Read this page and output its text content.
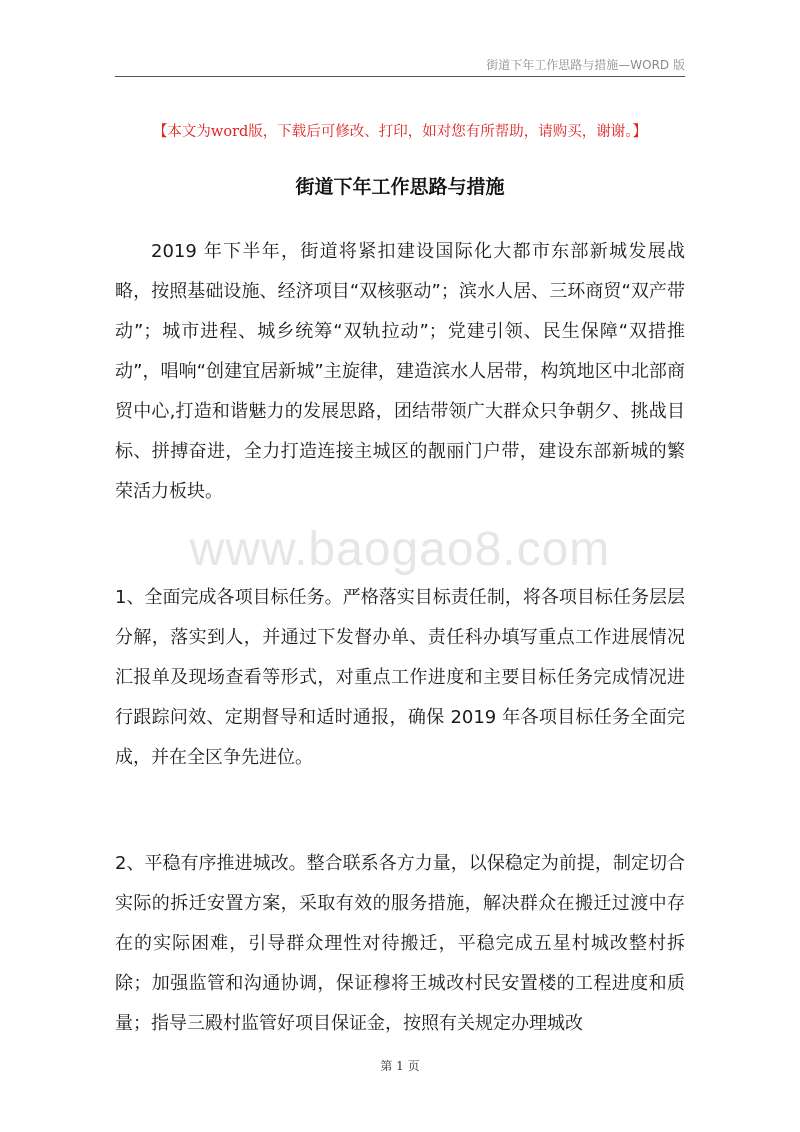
街道下年工作思路与措施—WORD 版
【本文为word版，下载后可修改、打印，如对您有所帮助，请购买，谢谢。】
街道下年工作思路与措施
www.baogao8.com

2019 年下半年，街道将紧扣建设国际化大都市东部新城发展战略，按照基础设施、经济项目“双核驱动”；滨水人居、三环商贸“双产带动”；城市进程、城乡统筹“双轨拉动”；党建引领、民生保障“双措推动”，唱响“创建宜居新城”主旋律，建造滨水人居带，构筑地区中北部商贸中心,打造和谐魅力的发展思路，团结带领广大群众只争朝夕、挑战目标、拼搏奋进，全力打造连接主城区的靓丽门户带，建设东部新城的繁荣活力板块。

1、全面完成各项目标任务。严格落实目标责任制，将各项目标任务层层分解，落实到人，并通过下发督办单、责任科办填写重点工作进展情况汇报单及现场查看等形式，对重点工作进度和主要目标任务完成情况进行跟踪问效、定期督导和适时通报，确保 2019 年各项目标任务全面完成，并在全区争先进位。

2、平稳有序推进城改。整合联系各方力量，以保稳定为前提，制定切合实际的拆迁安置方案，采取有效的服务措施，解决群众在搬迁过渡中存在的实际困难，引导群众理性对待搬迁，平稳完成五星村城改整村拆除；加强监管和沟通协调，保证穆将王城改村民安置楼的工程进度和质量；指导三殿村监管好项目保证金，按照有关规定办理城改

第 1 页
